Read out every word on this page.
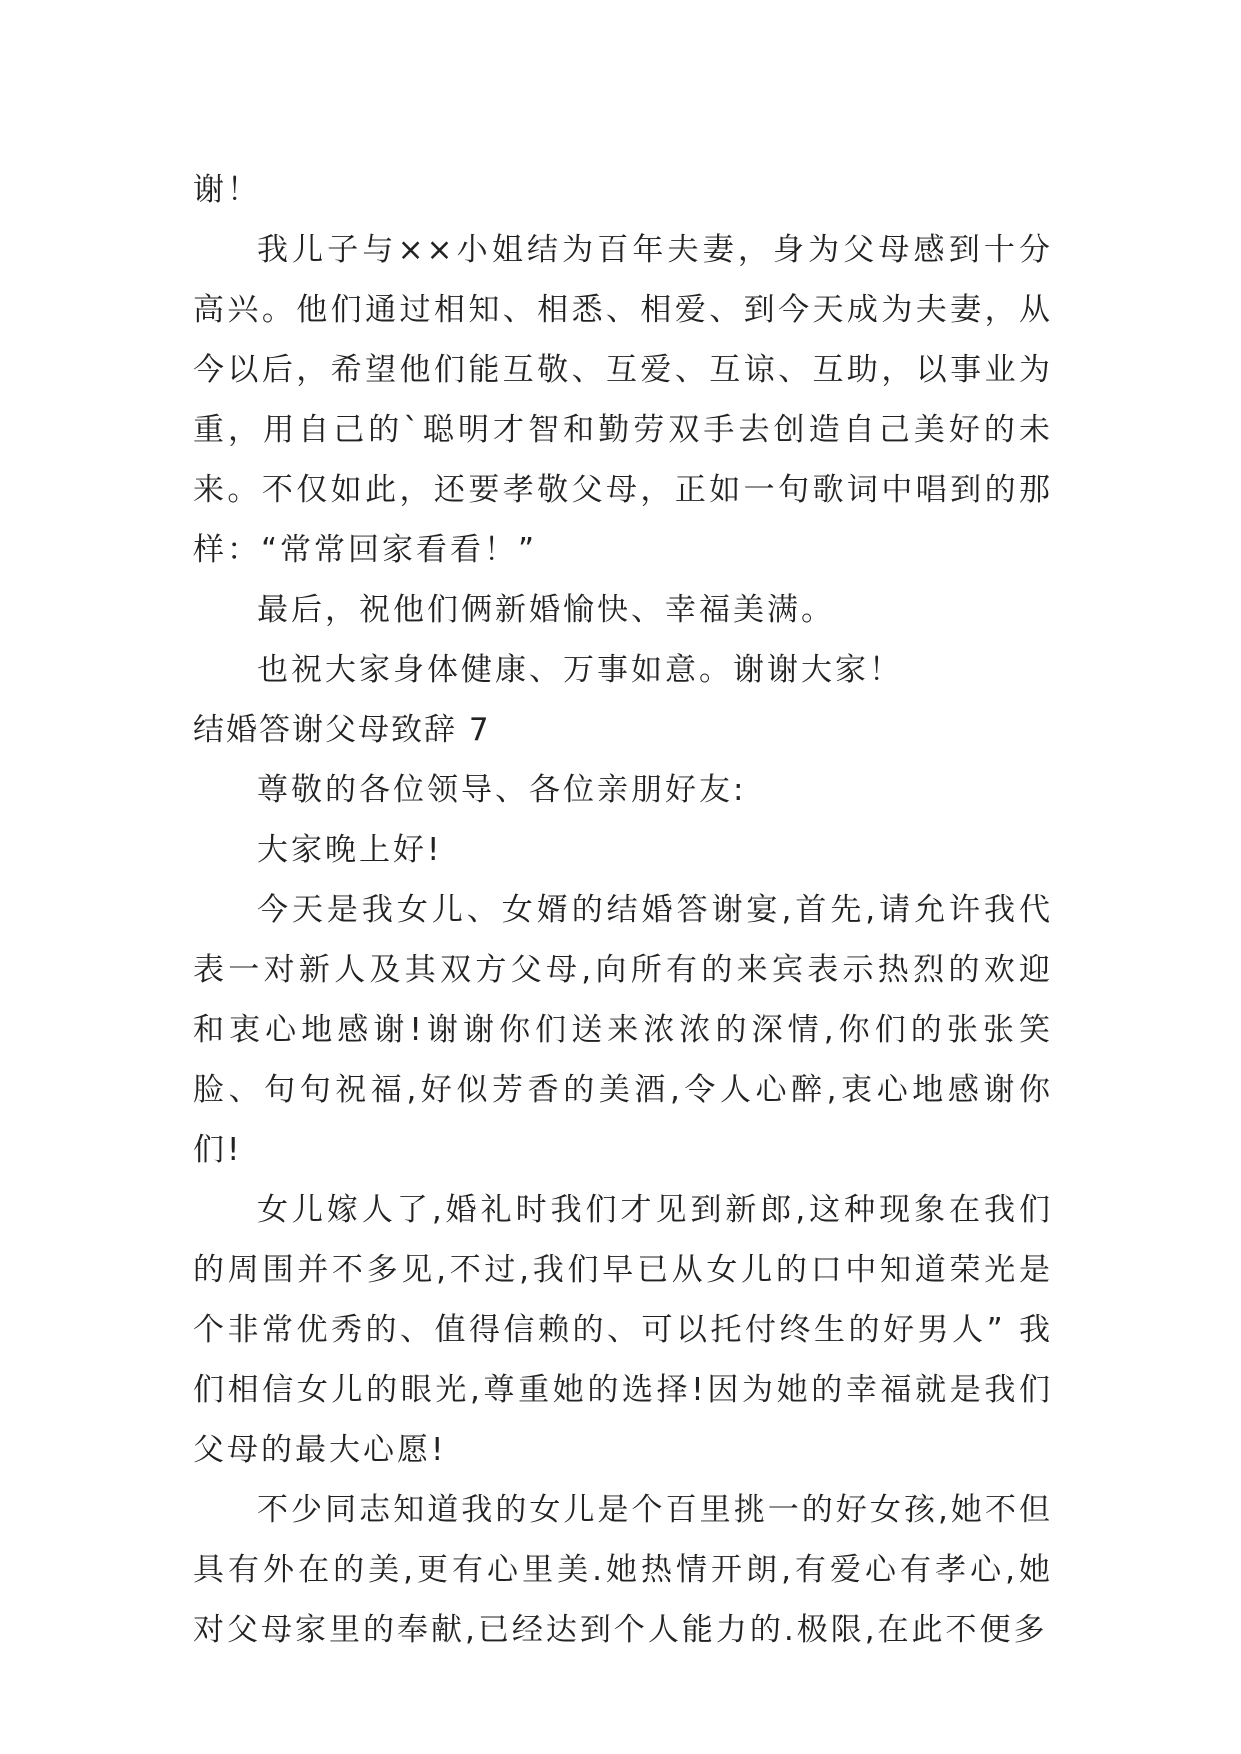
谢！

我儿子与××小姐结为百年夫妻，身为父母感到十分高兴。他们通过相知、相悉、相爱、到今天成为夫妻，从今以后，希望他们能互敬、互爱、互谅、互助，以事业为重，用自己的`聪明才智和勤劳双手去创造自己美好的未来。不仅如此，还要孝敬父母，正如一句歌词中唱到的那样：“常常回家看看！”

最后，祝他们俩新婚愉快、幸福美满。

也祝大家身体健康、万事如意。谢谢大家！

结婚答谢父母致辞 7

尊敬的各位领导、各位亲朋好友:

大家晚上好!

今天是我女儿、女婿的结婚答谢宴,首先,请允许我代表一对新人及其双方父母,向所有的来宾表示热烈的欢迎和衷心地感谢!谢谢你们送来浓浓的深情,你们的张张笑脸、句句祝福,好似芳香的美酒,令人心醉,衷心地感谢你们!

女儿嫁人了,婚礼时我们才见到新郎,这种现象在我们的周围并不多见,不过,我们早已从女儿的口中知道荣光是个非常优秀的、值得信赖的、可以托付终生的好男人” 我们相信女儿的眼光,尊重她的选择!因为她的幸福就是我们父母的最大心愿!

不少同志知道我的女儿是个百里挑一的好女孩,她不但具有外在的美,更有心里美.她热情开朗,有爱心有孝心,她对父母家里的奉献,已经达到个人能力的.极限,在此不便多
